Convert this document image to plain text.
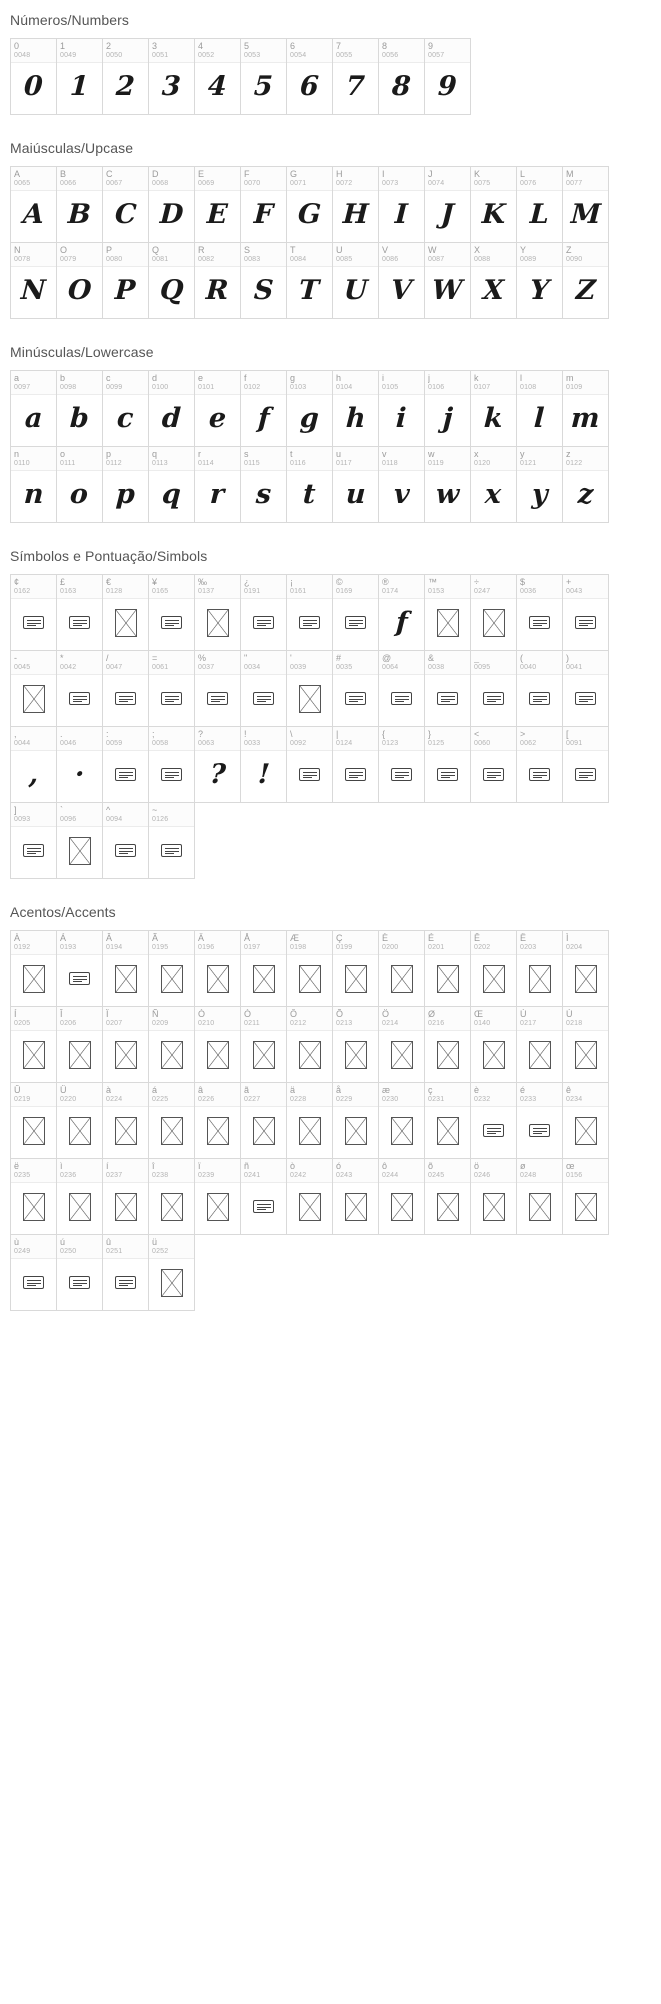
Números/Numbers
0
0048
0
1
0049
1
2
0050
2
3
0051
3
4
0052
4
5
0053
5
6
0054
6
7
0055
7
8
0056
8
9
0057
9
Maiúsculas/Upcase
A
0065
A
B
0066
B
C
0067
C
D
0068
D
E
0069
E
F
0070
F
G
0071
G
H
0072
H
I
0073
I
J
0074
J
K
0075
K
L
0076
L
M
0077
M
N
0078
N
O
0079
O
P
0080
P
Q
0081
Q
R
0082
R
S
0083
S
T
0084
T
U
0085
U
V
0086
V
W
0087
W
X
0088
X
Y
0089
Y
Z
0090
Z
Minúsculas/Lowercase
a
0097
a
b
0098
b
c
0099
c
d
0100
d
e
0101
e
f
0102
f
g
0103
g
h
0104
h
i
0105
i
j
0106
j
k
0107
k
l
0108
l
m
0109
m
n
0110
n
o
0111
o
p
0112
p
q
0113
q
r
0114
r
s
0115
s
t
0116
t
u
0117
u
v
0118
v
w
0119
w
x
0120
x
y
0121
y
z
0122
z
Símbolos e Pontuação/Simbols
¢
0162
£
0163
€
0128
¥
0165
‰
0137
¿
0191
¡
0161
©
0169
®
0174
f
™
0153
÷
0247
$
0036
+
0043
-
0045
*
0042
/
0047
=
0061
%
0037
"
0034
'
0039
#
0035
@
0064
&
0038
_
0095
(
0040
)
0041
,
0044
,
.
0046
·
:
0059
;
0058
?
0063
?
!
0033
!
\
0092
|
0124
{
0123
}
0125
<
0060
>
0062
[
0091
]
0093
`
0096
^
0094
~
0126
Acentos/Accents
À
0192
Á
0193
Â
0194
Ã
0195
Ä
0196
Å
0197
Æ
0198
Ç
0199
È
0200
É
0201
Ê
0202
Ë
0203
Ì
0204
Í
0205
Î
0206
Ï
0207
Ñ
0209
Ò
0210
Ó
0211
Ô
0212
Õ
0213
Ö
0214
Ø
0216
Œ
0140
Ù
0217
Ú
0218
Û
0219
Ü
0220
à
0224
á
0225
â
0226
ã
0227
ä
0228
å
0229
æ
0230
ç
0231
è
0232
é
0233
ê
0234
ë
0235
ì
0236
í
0237
î
0238
ï
0239
ñ
0241
ò
0242
ó
0243
ô
0244
õ
0245
ö
0246
ø
0248
œ
0156
ù
0249
ú
0250
û
0251
ü
0252
